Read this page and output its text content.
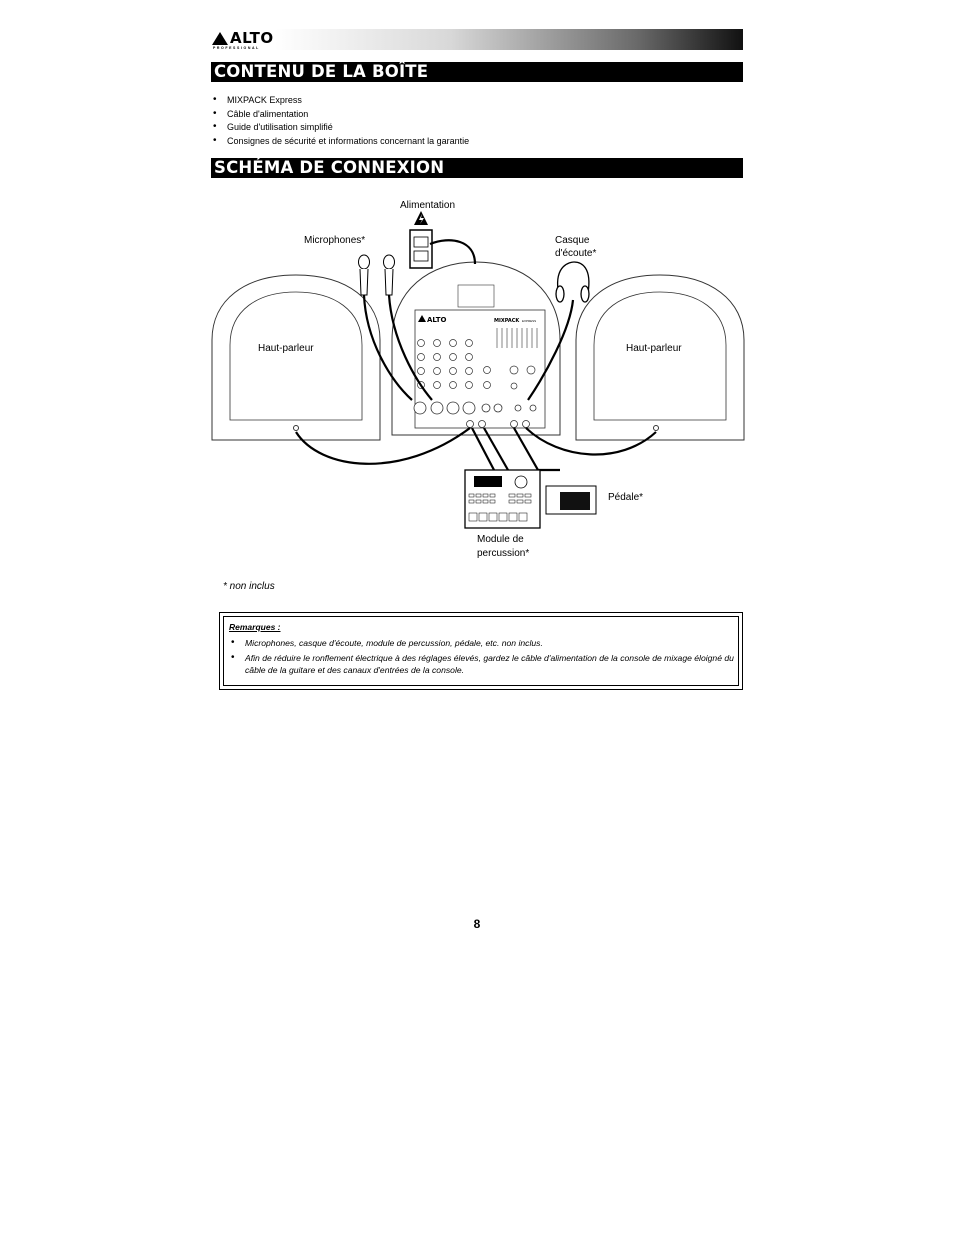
ALTO
PROFESSIONAL
CONTENU DE LA BOÎTE
• MIXPACK Express
• Câble d'alimentation
• Guide d'utilisation simplifié
• Consignes de sécurité et informations concernant la garantie
SCHÉMA DE CONNEXION
ALTO	MIXPACK EXPRESS
Alimentation
Microphones*	Casque
d'écoute*
Haut-parleur	Haut-parleur
Pédale*
Module de
percussion*
* non inclus
Remarques :
• Microphones, casque d'écoute, module de percussion, pédale, etc. non inclus.
• Afin de réduire le ronflement électrique à des réglages élevés, gardez le câble d'alimentation de la console de mixage éloigné du câble de la guitare et des canaux d'entrées de la console.
8
